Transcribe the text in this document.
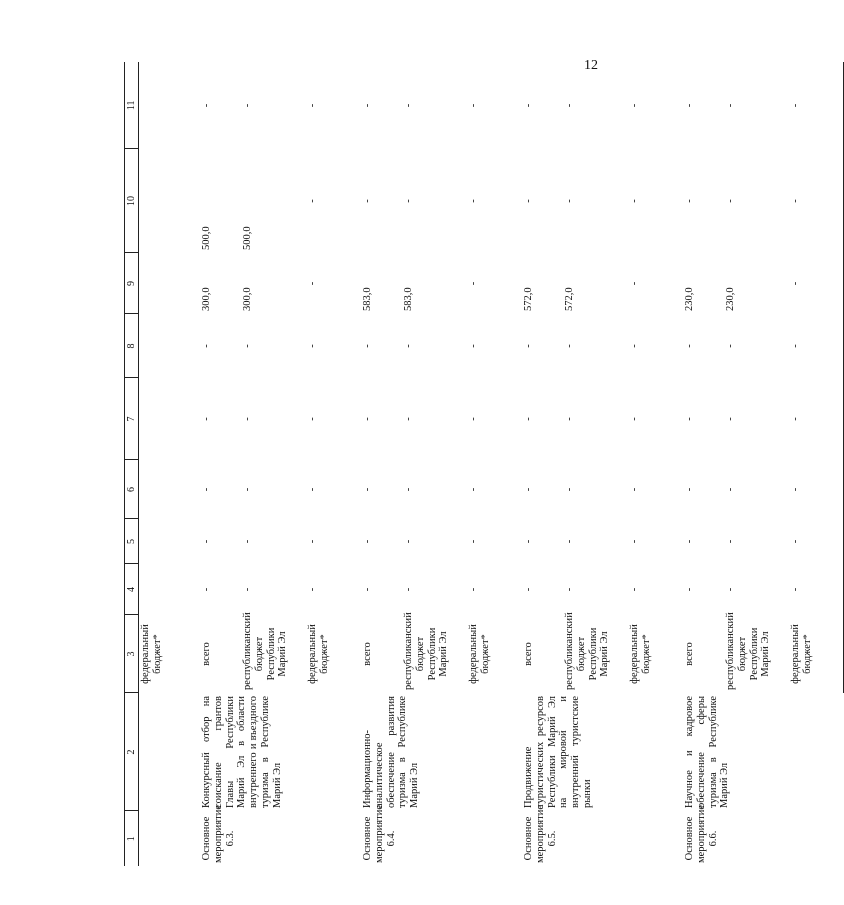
12
1	2	3	4	5	6	7	8	9	10	11
		федеральный бюджет*								
Основное мероприятие 6.3.	Конкурсный отбор на соискание грантов Главы Республики Марий Эл в области внутреннего и въездного туризма в Республике Марий Эл	всего	-	-	-	-	-	300,0	500,0	-
		республиканский бюджет Республики Марий Эл	-	-	-	-	-	300,0	500,0	-
		федеральный бюджет*	-	-	-	-	-	-	-	-
Основное мероприятие 6.4.	Информационно-аналитическое обеспечение развития туризма в Республике Марий Эл	всего	-	-	-	-	-	583,0	-	-
		республиканский бюджет Республики Марий Эл	-	-	-	-	-	583,0	-	-
		федеральный бюджет*	-	-	-	-	-	-	-	-
Основное мероприятие 6.5.	Продвижение туристических ресурсов Республики Марий Эл на мировой и внутренний туристские рынки	всего	-	-	-	-	-	572,0	-	-
		республиканский бюджет Республики Марий Эл	-	-	-	-	-	572,0	-	-
		федеральный бюджет*	-	-	-	-	-	-	-	-
Основное мероприятие 6.6.	Научное и кадровое обеспечение сферы туризма в Республике Марий Эл	всего	-	-	-	-	-	230,0	-	-
		республиканский бюджет Республики Марий Эл	-	-	-	-	-	230,0	-	-
		федеральный бюджет*	-	-	-	-	-	-	-	-
